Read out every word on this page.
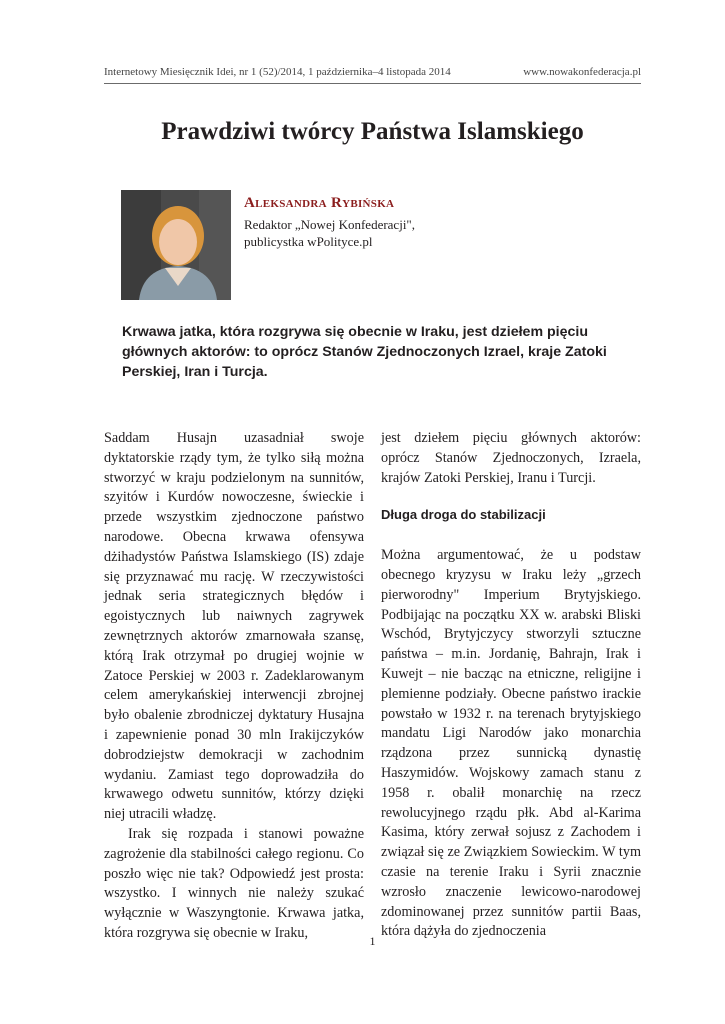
Internetowy Miesięcznik Idei, nr 1 (52)/2014, 1 października–4 listopada 2014	www.nowakonfederacja.pl
Prawdziwi twórcy Państwa Islamskiego
Aleksandra Rybińska
Redaktor „Nowej Konfederacji",
publicystka wPolityce.pl
Krwawa jatka, która rozgrywa się obecnie w Iraku, jest dziełem pięciu głównych aktorów: to oprócz Stanów Zjednoczonych Izrael, kraje Zatoki Perskiej, Iran i Turcja.

Saddam Husajn uzasadniał swoje dyktatorskie rządy tym, że tylko siłą można stworzyć w kraju podzielonym na sunnitów, szyitów i Kurdów nowoczesne, świeckie i przede wszystkim zjednoczone państwo narodowe. Obecna krwawa ofensywa dżihadystów Państwa Islamskiego (IS) zdaje się przyznawać mu rację. W rzeczywistości jednak seria strategicznych błędów i egoistycznych lub naiwnych zagrywek zewnętrznych aktorów zmarnowała szansę, którą Irak otrzymał po drugiej wojnie w Zatoce Perskiej w 2003 r. Zadeklarowanym celem amerykańskiej interwencji zbrojnej było obalenie zbrodniczej dyktatury Husajna i zapewnienie ponad 30 mln Irakijczyków dobrodziejstw demokracji w zachodnim wydaniu. Zamiast tego doprowadziła do krwawego odwetu sunnitów, którzy dzięki niej utracili władzę.

Irak się rozpada i stanowi poważne zagrożenie dla stabilności całego regionu. Co poszło więc nie tak? Odpowiedź jest prosta: wszystko. I winnych nie należy szukać wyłącznie w Waszyngtonie. Krwawa jatka, która rozgrywa się obecnie w Iraku,

jest dziełem pięciu głównych aktorów: oprócz Stanów Zjednoczonych, Izraela, krajów Zatoki Perskiej, Iranu i Turcji.

Długa droga do stabilizacji

Można argumentować, że u podstaw obecnego kryzysu w Iraku leży „grzech pierworodny" Imperium Brytyjskiego. Podbijając na początku XX w. arabski Bliski Wschód, Brytyjczycy stworzyli sztuczne państwa – m.in. Jordanię, Bahrajn, Irak i Kuwejt – nie bacząc na etniczne, religijne i plemienne podziały. Obecne państwo irackie powstało w 1932 r. na terenach brytyjskiego mandatu Ligi Narodów jako monarchia rządzona przez sunnicką dynastię Haszymidów. Wojskowy zamach stanu z 1958 r. obalił monarchię na rzecz rewolucyjnego rządu płk. Abd al-Karima Kasima, który zerwał sojusz z Zachodem i związał się ze Związkiem Sowieckim. W tym czasie na terenie Iraku i Syrii znacznie wzrosło znaczenie lewicowo-narodowej zdominowanej przez sunnitów partii Baas, która dążyła do zjednoczenia

1
